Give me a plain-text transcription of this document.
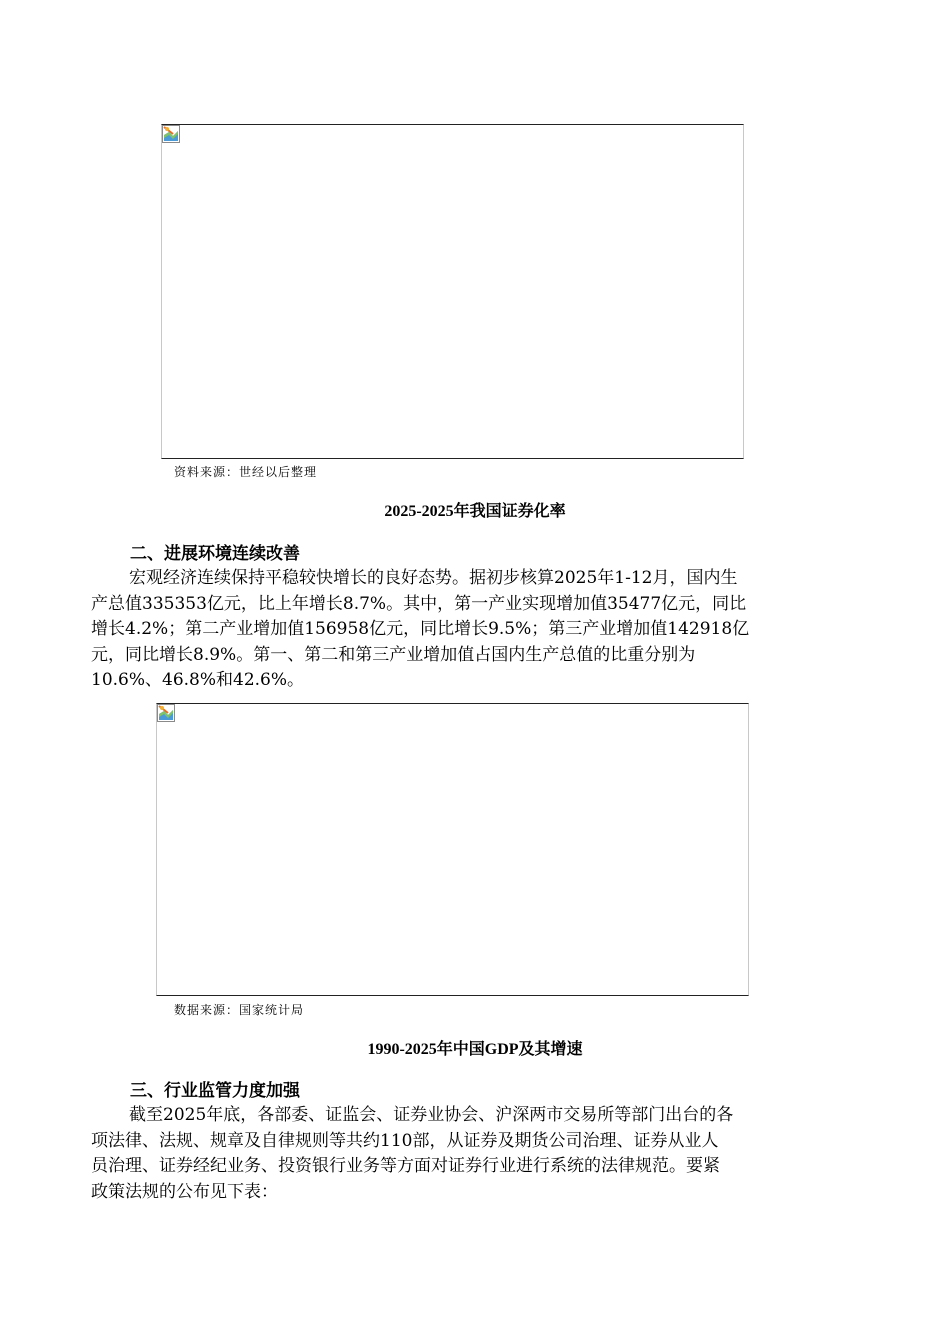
资料来源：世经以后整理
2025-2025年我国证券化率
二、进展环境连续改善
宏观经济连续保持平稳较快增长的良好态势。据初步核算2025年1-12月，国内生
产总值335353亿元，比上年增长8.7%。其中，第一产业实现增加值35477亿元，同比
增长4.2%；第二产业增加值156958亿元，同比增长9.5%；第三产业增加值142918亿
元，同比增长8.9%。第一、第二和第三产业增加值占国内生产总值的比重分别为
10.6%、46.8%和42.6%。
数据来源：国家统计局
1990-2025年中国GDP及其增速
三、行业监管力度加强
截至2025年底，各部委、证监会、证券业协会、沪深两市交易所等部门出台的各
项法律、法规、规章及自律规则等共约110部，从证券及期货公司治理、证券从业人
员治理、证券经纪业务、投资银行业务等方面对证券行业进行系统的法律规范。要紧
政策法规的公布见下表：
